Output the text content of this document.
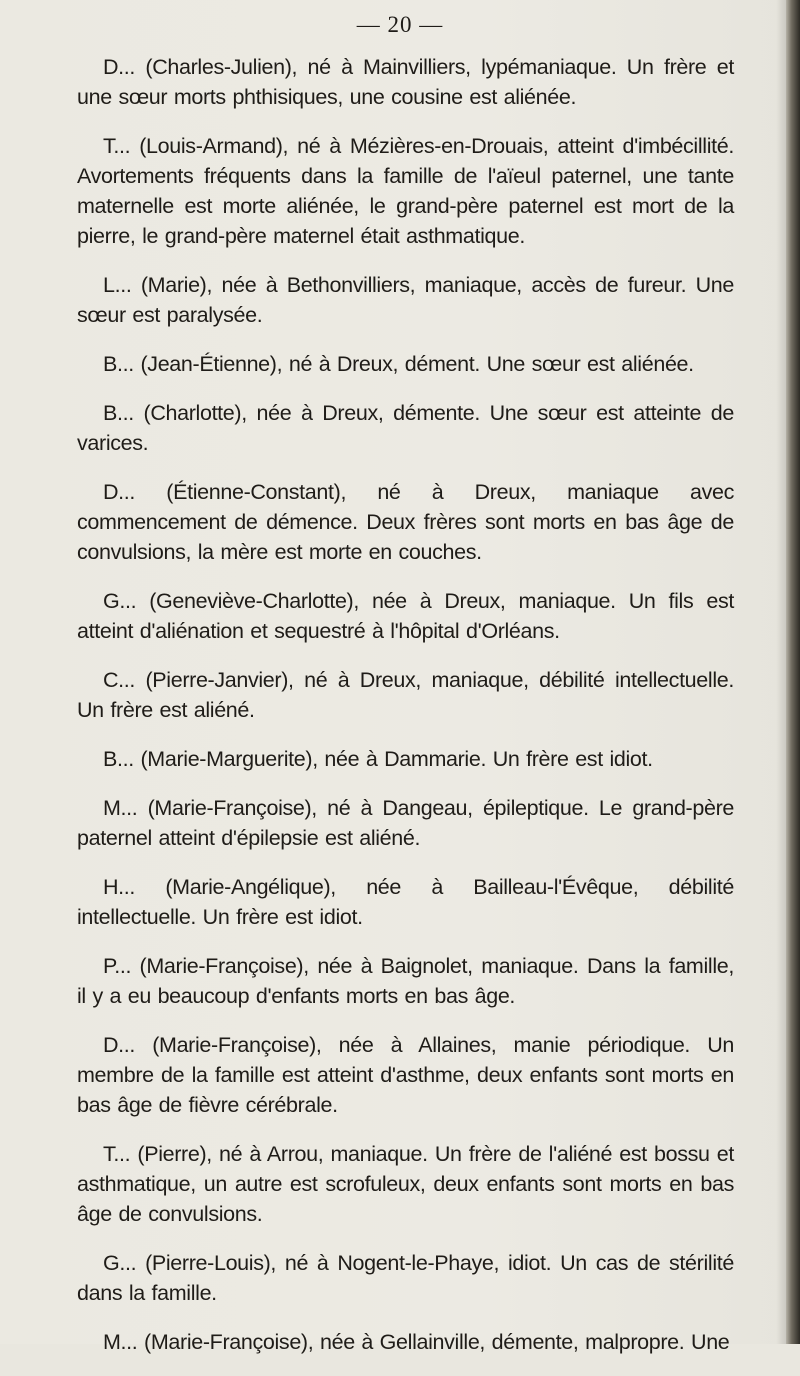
— 20 —

D... (Charles-Julien), né à Mainvilliers, lypémaniaque. Un frère et une sœur morts phthisiques, une cousine est aliénée.

T... (Louis-Armand), né à Mézières-en-Drouais, atteint d'imbécillité. Avortements fréquents dans la famille de l'aïeul paternel, une tante maternelle est morte aliénée, le grand-père paternel est mort de la pierre, le grand-père maternel était asthmatique.

L... (Marie), née à Bethonvilliers, maniaque, accès de fureur. Une sœur est paralysée.

B... (Jean-Étienne), né à Dreux, dément. Une sœur est aliénée.

B... (Charlotte), née à Dreux, démente. Une sœur est atteinte de varices.

D... (Étienne-Constant), né à Dreux, maniaque avec commencement de démence. Deux frères sont morts en bas âge de convulsions, la mère est morte en couches.

G... (Geneviève-Charlotte), née à Dreux, maniaque. Un fils est atteint d'aliénation et sequestré à l'hôpital d'Orléans.

C... (Pierre-Janvier), né à Dreux, maniaque, débilité intellectuelle. Un frère est aliéné.

B... (Marie-Marguerite), née à Dammarie. Un frère est idiot.

M... (Marie-Françoise), né à Dangeau, épileptique. Le grand-père paternel atteint d'épilepsie est aliéné.

H... (Marie-Angélique), née à Bailleau-l'Évêque, débilité intellectuelle. Un frère est idiot.

P... (Marie-Françoise), née à Baignolet, maniaque. Dans la famille, il y a eu beaucoup d'enfants morts en bas âge.

D... (Marie-Françoise), née à Allaines, manie périodique. Un membre de la famille est atteint d'asthme, deux enfants sont morts en bas âge de fièvre cérébrale.

T... (Pierre), né à Arrou, maniaque. Un frère de l'aliéné est bossu et asthmatique, un autre est scrofuleux, deux enfants sont morts en bas âge de convulsions.

G... (Pierre-Louis), né à Nogent-le-Phaye, idiot. Un cas de stérilité dans la famille.

M... (Marie-Françoise), née à Gellainville, démente, malpropre. Une
